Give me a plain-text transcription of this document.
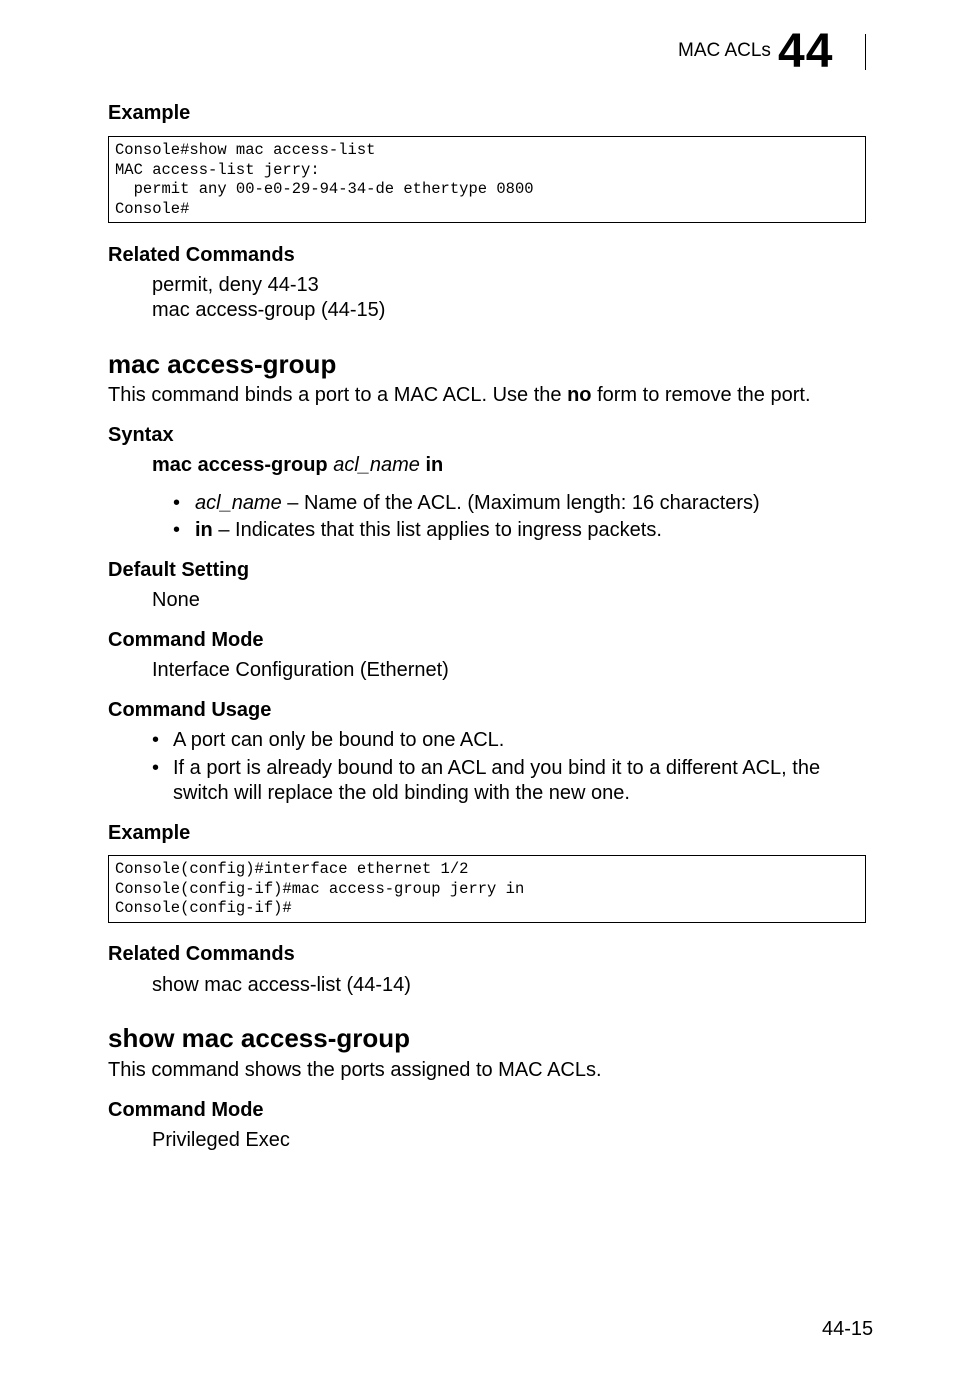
MAC ACLs 44
Example
Console#show mac access-list
MAC access-list jerry:
permit any 00-e0-29-94-34-de ethertype 0800
Console#
Related Commands
permit, deny 44-13
mac access-group (44-15)
mac access-group
This command binds a port to a MAC ACL. Use the no form to remove the port.
Syntax
mac access-group acl_name in
• acl_name – Name of the ACL. (Maximum length: 16 characters)
• in – Indicates that this list applies to ingress packets.
Default Setting
None
Command Mode
Interface Configuration (Ethernet)
Command Usage
• A port can only be bound to one ACL.
• If a port is already bound to an ACL and you bind it to a different ACL, the
switch will replace the old binding with the new one.
Example
Console(config)#interface ethernet 1/2
Console(config-if)#mac access-group jerry in
Console(config-if)#
Related Commands
show mac access-list (44-14)
show mac access-group
This command shows the ports assigned to MAC ACLs.
Command Mode
Privileged Exec
44-15
